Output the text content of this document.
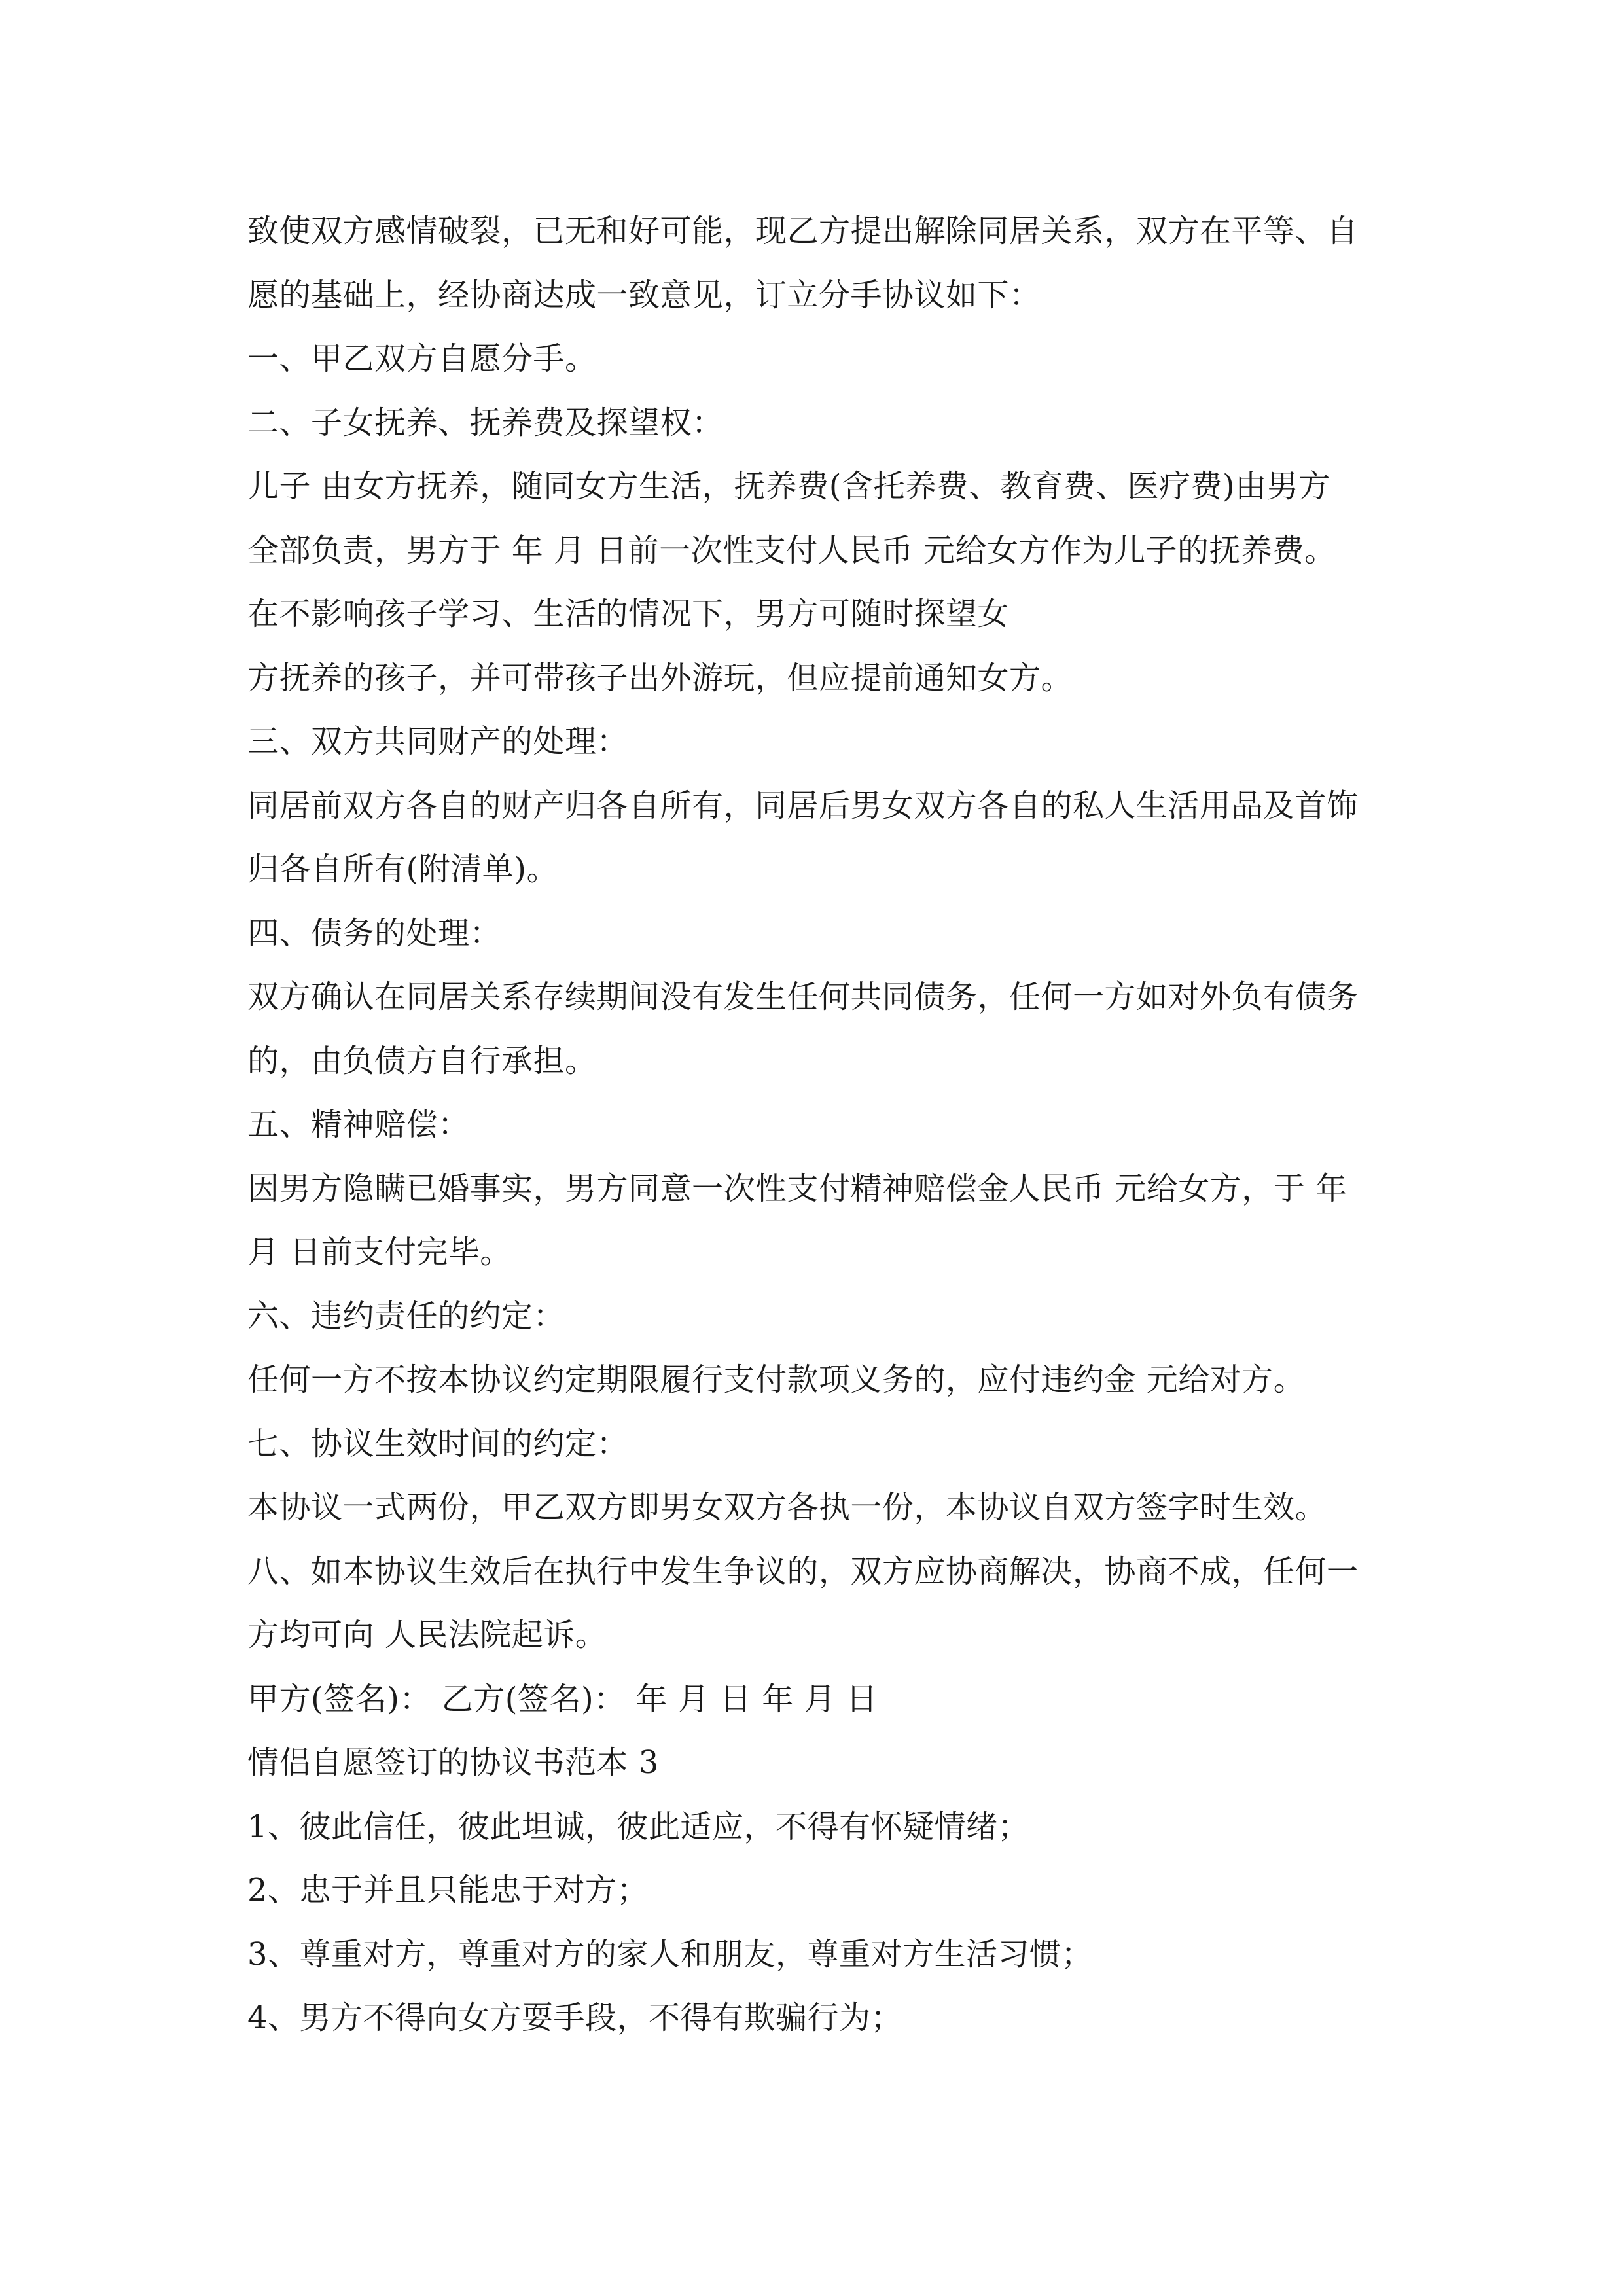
致使双方感情破裂，已无和好可能，现乙方提出解除同居关系，双方在平等、自
愿的基础上，经协商达成一致意见，订立分手协议如下：
一、甲乙双方自愿分手。
二、子女抚养、抚养费及探望权：
儿子 由女方抚养，随同女方生活，抚养费(含托养费、教育费、医疗费)由男方
全部负责，男方于 年 月 日前一次性支付人民币 元给女方作为儿子的抚养费。
在不影响孩子学习、生活的情况下，男方可随时探望女
方抚养的孩子，并可带孩子出外游玩，但应提前通知女方。
三、双方共同财产的处理：
同居前双方各自的财产归各自所有，同居后男女双方各自的私人生活用品及首饰
归各自所有(附清单)。
四、债务的处理：
双方确认在同居关系存续期间没有发生任何共同债务，任何一方如对外负有债务
的，由负债方自行承担。
五、精神赔偿：
因男方隐瞒已婚事实，男方同意一次性支付精神赔偿金人民币 元给女方，于 年
月 日前支付完毕。
六、违约责任的约定：
任何一方不按本协议约定期限履行支付款项义务的，应付违约金 元给对方。
七、协议生效时间的约定：
本协议一式两份，甲乙双方即男女双方各执一份，本协议自双方签字时生效。
八、如本协议生效后在执行中发生争议的，双方应协商解决，协商不成，任何一
方均可向 人民法院起诉。
甲方(签名)： 乙方(签名)： 年 月 日 年 月 日
情侣自愿签订的协议书范本 3
1、彼此信任，彼此坦诚，彼此适应，不得有怀疑情绪；
2、忠于并且只能忠于对方；
3、尊重对方，尊重对方的家人和朋友，尊重对方生活习惯；
4、男方不得向女方耍手段，不得有欺骗行为；
